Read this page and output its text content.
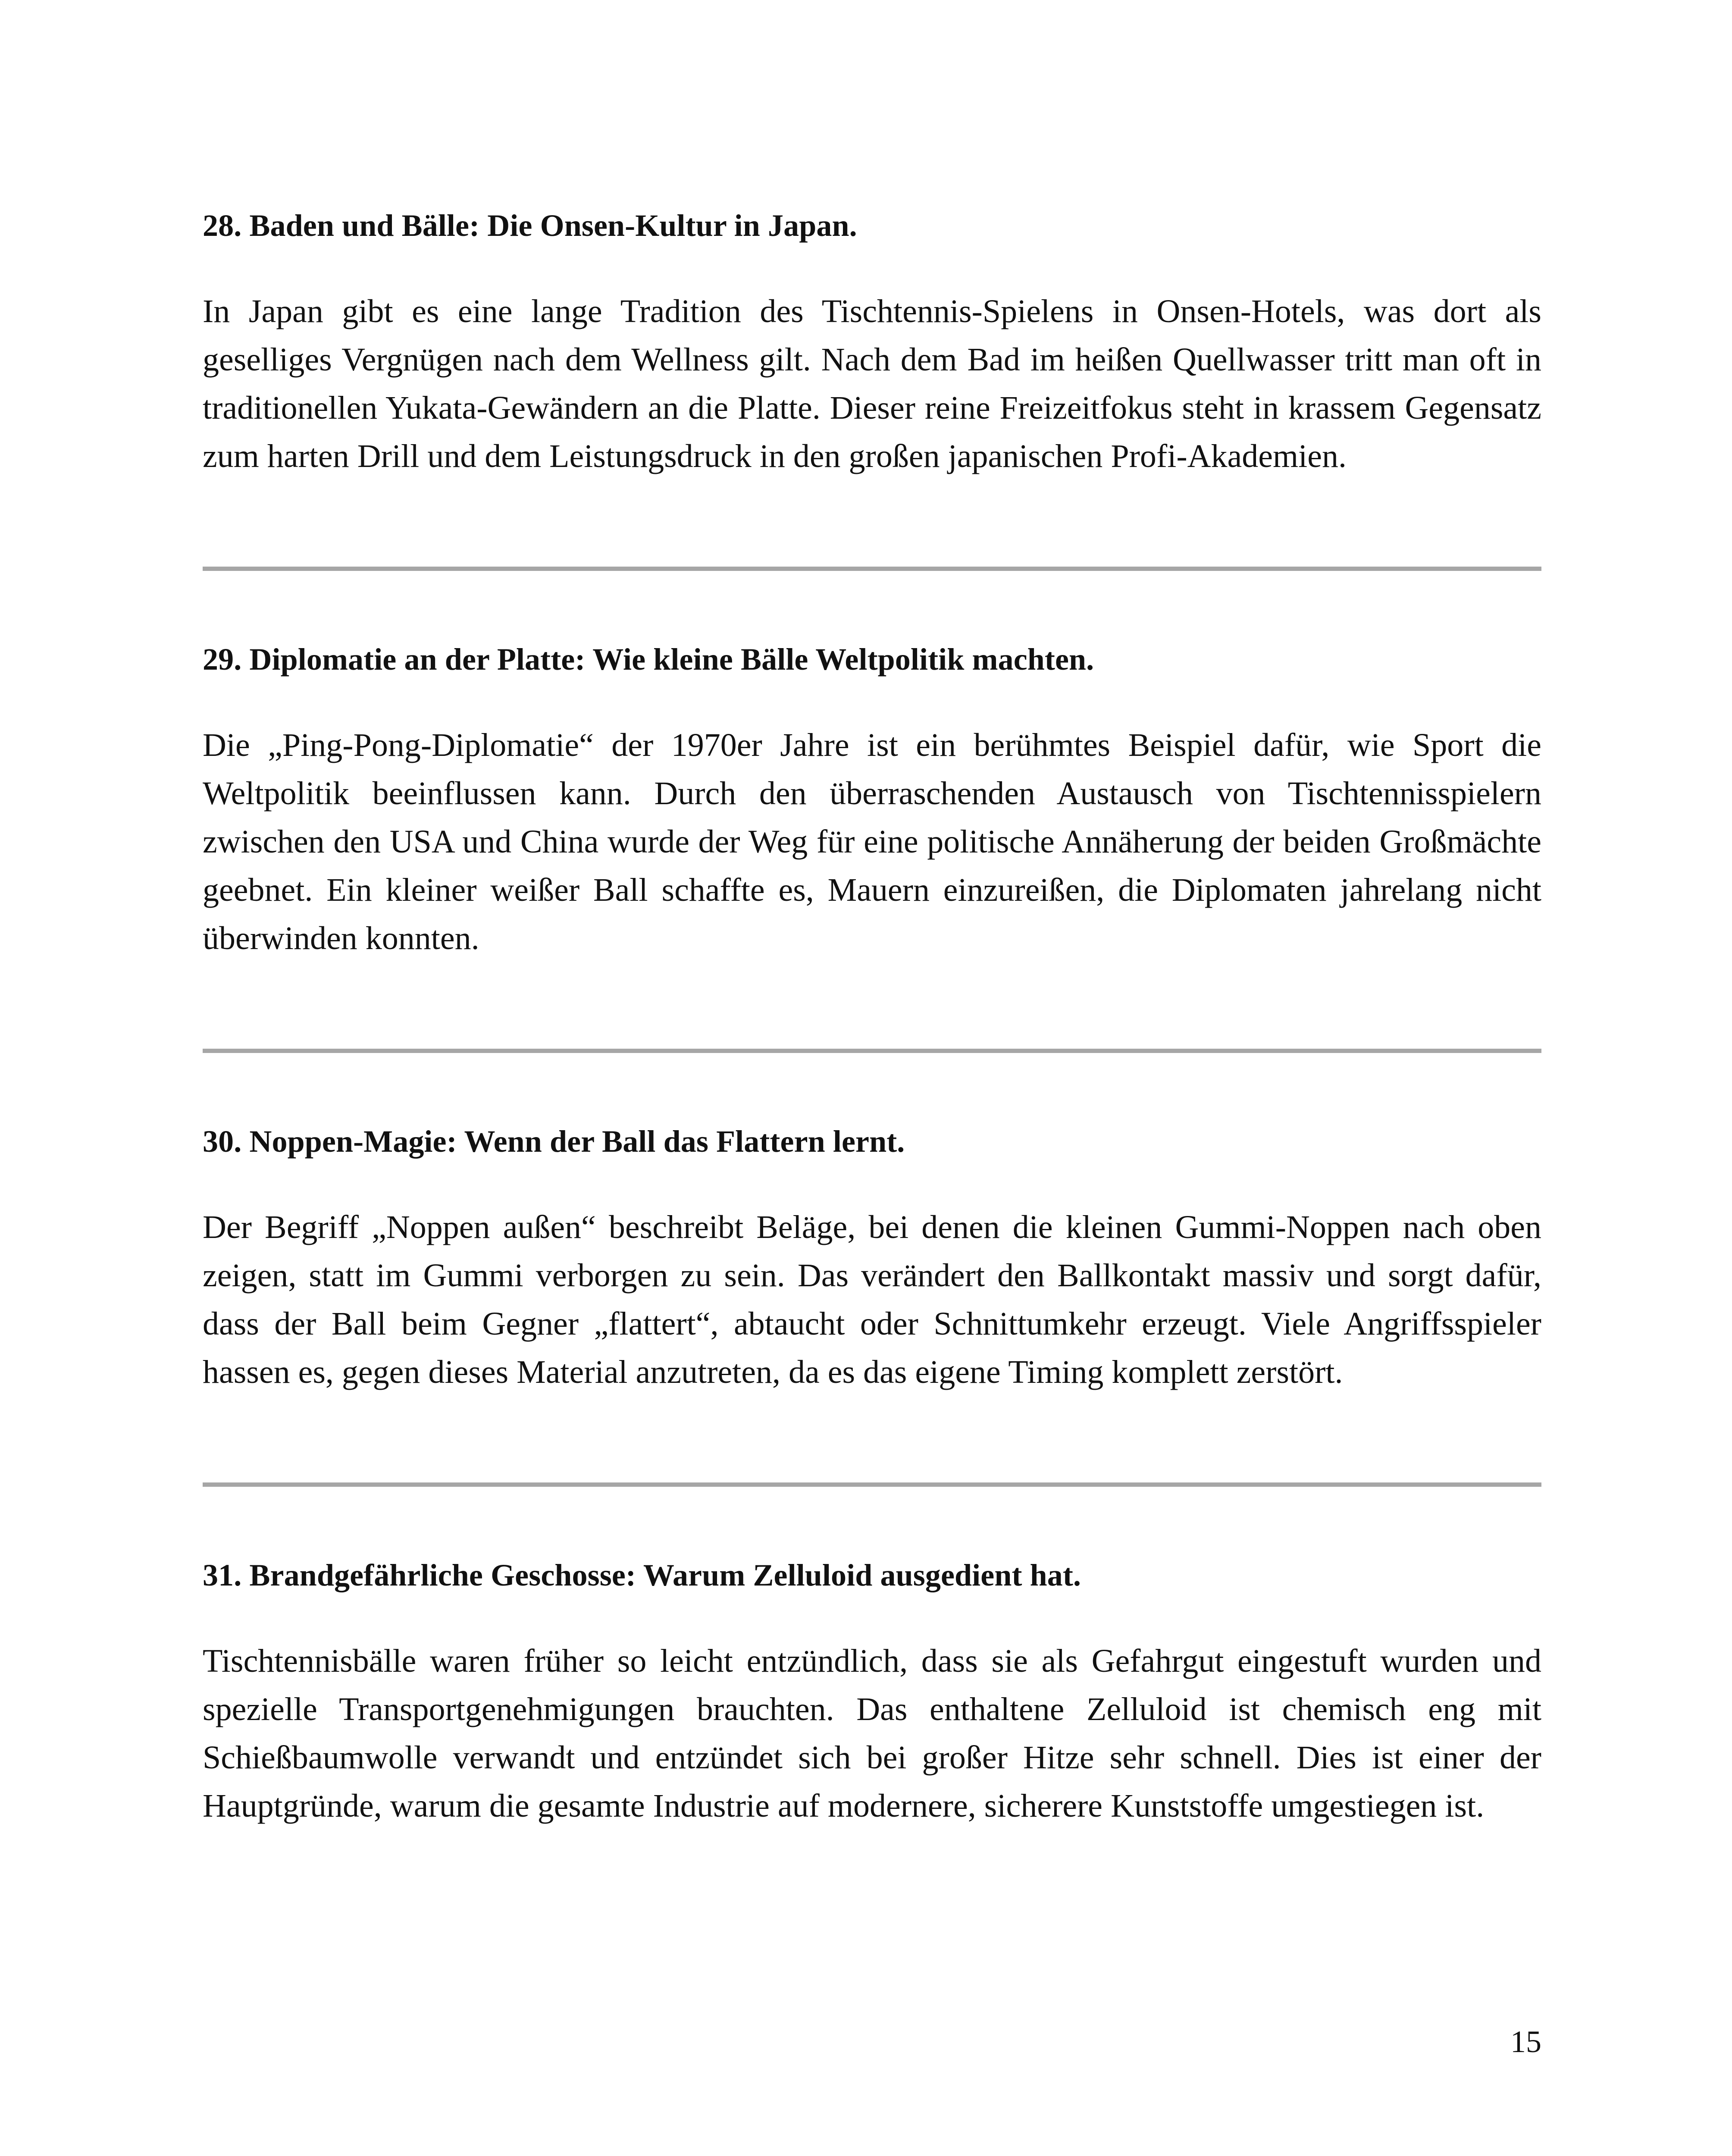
28. Baden und Bälle: Die Onsen-Kultur in Japan.

In Japan gibt es eine lange Tradition des Tischtennis-Spielens in Onsen-Hotels, was dort als geselliges Vergnügen nach dem Wellness gilt. Nach dem Bad im heißen Quellwasser tritt man oft in traditionellen Yukata-Gewändern an die Platte. Dieser reine Freizeitfokus steht in krassem Gegensatz zum harten Drill und dem Leistungsdruck in den großen japanischen Profi-Akademien.

29. Diplomatie an der Platte: Wie kleine Bälle Weltpolitik machten.

Die „Ping-Pong-Diplomatie“ der 1970er Jahre ist ein berühmtes Beispiel dafür, wie Sport die Weltpolitik beeinflussen kann. Durch den überraschenden Austausch von Tischtennisspielern zwischen den USA und China wurde der Weg für eine politische Annäherung der beiden Großmächte geebnet. Ein kleiner weißer Ball schaffte es, Mauern einzureißen, die Diplomaten jahrelang nicht überwinden konnten.

30. Noppen-Magie: Wenn der Ball das Flattern lernt.

Der Begriff „Noppen außen“ beschreibt Beläge, bei denen die kleinen Gummi-Noppen nach oben zeigen, statt im Gummi verborgen zu sein. Das verändert den Ballkontakt massiv und sorgt dafür, dass der Ball beim Gegner „flattert“, abtaucht oder Schnittumkehr erzeugt. Viele Angriffsspieler hassen es, gegen dieses Material anzutreten, da es das eigene Timing komplett zerstört.

31. Brandgefährliche Geschosse: Warum Zelluloid ausgedient hat.

Tischtennisbälle waren früher so leicht entzündlich, dass sie als Gefahrgut eingestuft wurden und spezielle Transportgenehmigungen brauchten. Das enthaltene Zelluloid ist chemisch eng mit Schießbaumwolle verwandt und entzündet sich bei großer Hitze sehr schnell. Dies ist einer der Hauptgründe, warum die gesamte Industrie auf modernere, sicherere Kunststoffe umgestiegen ist.

15
